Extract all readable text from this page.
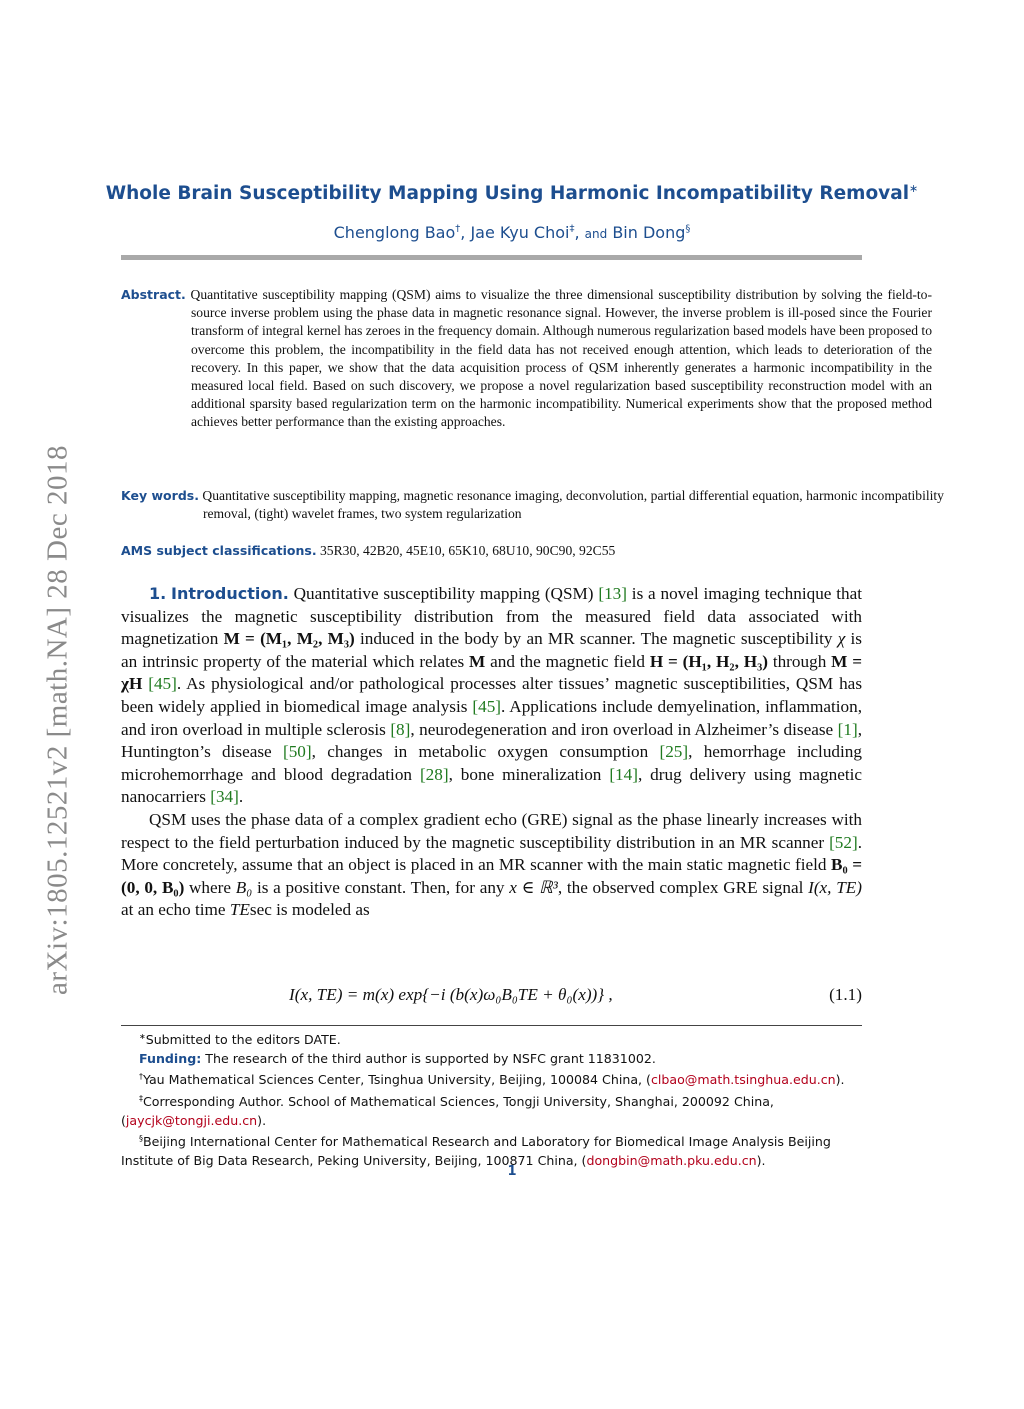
arXiv:1805.12521v2 [math.NA] 28 Dec 2018
Whole Brain Susceptibility Mapping Using Harmonic Incompatibility Removal∗
Chenglong Bao†, Jae Kyu Choi‡, and Bin Dong§
Abstract. Quantitative susceptibility mapping (QSM) aims to visualize the three dimensional susceptibility distribution by solving the field-to-source inverse problem using the phase data in magnetic resonance signal. However, the inverse problem is ill-posed since the Fourier transform of integral kernel has zeroes in the frequency domain. Although numerous regularization based models have been proposed to overcome this problem, the incompatibility in the field data has not received enough attention, which leads to deterioration of the recovery. In this paper, we show that the data acquisition process of QSM inherently generates a harmonic incompatibility in the measured local field. Based on such discovery, we propose a novel regularization based susceptibility reconstruction model with an additional sparsity based regularization term on the harmonic incompatibility. Numerical experiments show that the proposed method achieves better performance than the existing approaches.
Key words. Quantitative susceptibility mapping, magnetic resonance imaging, deconvolution, partial differential equation, harmonic incompatibility removal, (tight) wavelet frames, two system regularization
AMS subject classifications. 35R30, 42B20, 45E10, 65K10, 68U10, 90C90, 92C55

1. Introduction. Quantitative susceptibility mapping (QSM) [13] is a novel imaging technique that visualizes the magnetic susceptibility distribution from the measured field data associated with magnetization M = (M₁, M₂, M₃) induced in the body by an MR scanner. The magnetic susceptibility χ is an intrinsic property of the material which relates M and the magnetic field H = (H₁, H₂, H₃) through M = χH [45]. As physiological and/or pathological processes alter tissues’ magnetic susceptibilities, QSM has been widely applied in biomedical image analysis [45]. Applications include demyelination, inflammation, and iron overload in multiple sclerosis [8], neurodegeneration and iron overload in Alzheimer’s disease [1], Huntington’s disease [50], changes in metabolic oxygen consumption [25], hemorrhage including microhemorrhage and blood degradation [28], bone mineralization [14], drug delivery using magnetic nanocarriers [34].

QSM uses the phase data of a complex gradient echo (GRE) signal as the phase linearly increases with respect to the field perturbation induced by the magnetic susceptibility distribution in an MR scanner [52]. More concretely, assume that an object is placed in an MR scanner with the main static magnetic field B₀ = (0, 0, B₀) where B₀ is a positive constant. Then, for any x ∈ ℝ³, the observed complex GRE signal I(x, TE) at an echo time TEsec is modeled as

I(x, TE) = m(x) exp{−i (b(x)ω₀B₀TE + θ₀(x))} ,	(1.1)
∗Submitted to the editors DATE.
Funding: The research of the third author is supported by NSFC grant 11831002.
†Yau Mathematical Sciences Center, Tsinghua University, Beijing, 100084 China, (clbao@math.tsinghua.edu.cn).
‡Corresponding Author. School of Mathematical Sciences, Tongji University, Shanghai, 200092 China, (jaycjk@tongji.edu.cn).
§Beijing International Center for Mathematical Research and Laboratory for Biomedical Image Analysis Beijing Institute of Big Data Research, Peking University, Beijing, 100871 China, (dongbin@math.pku.edu.cn).
1
